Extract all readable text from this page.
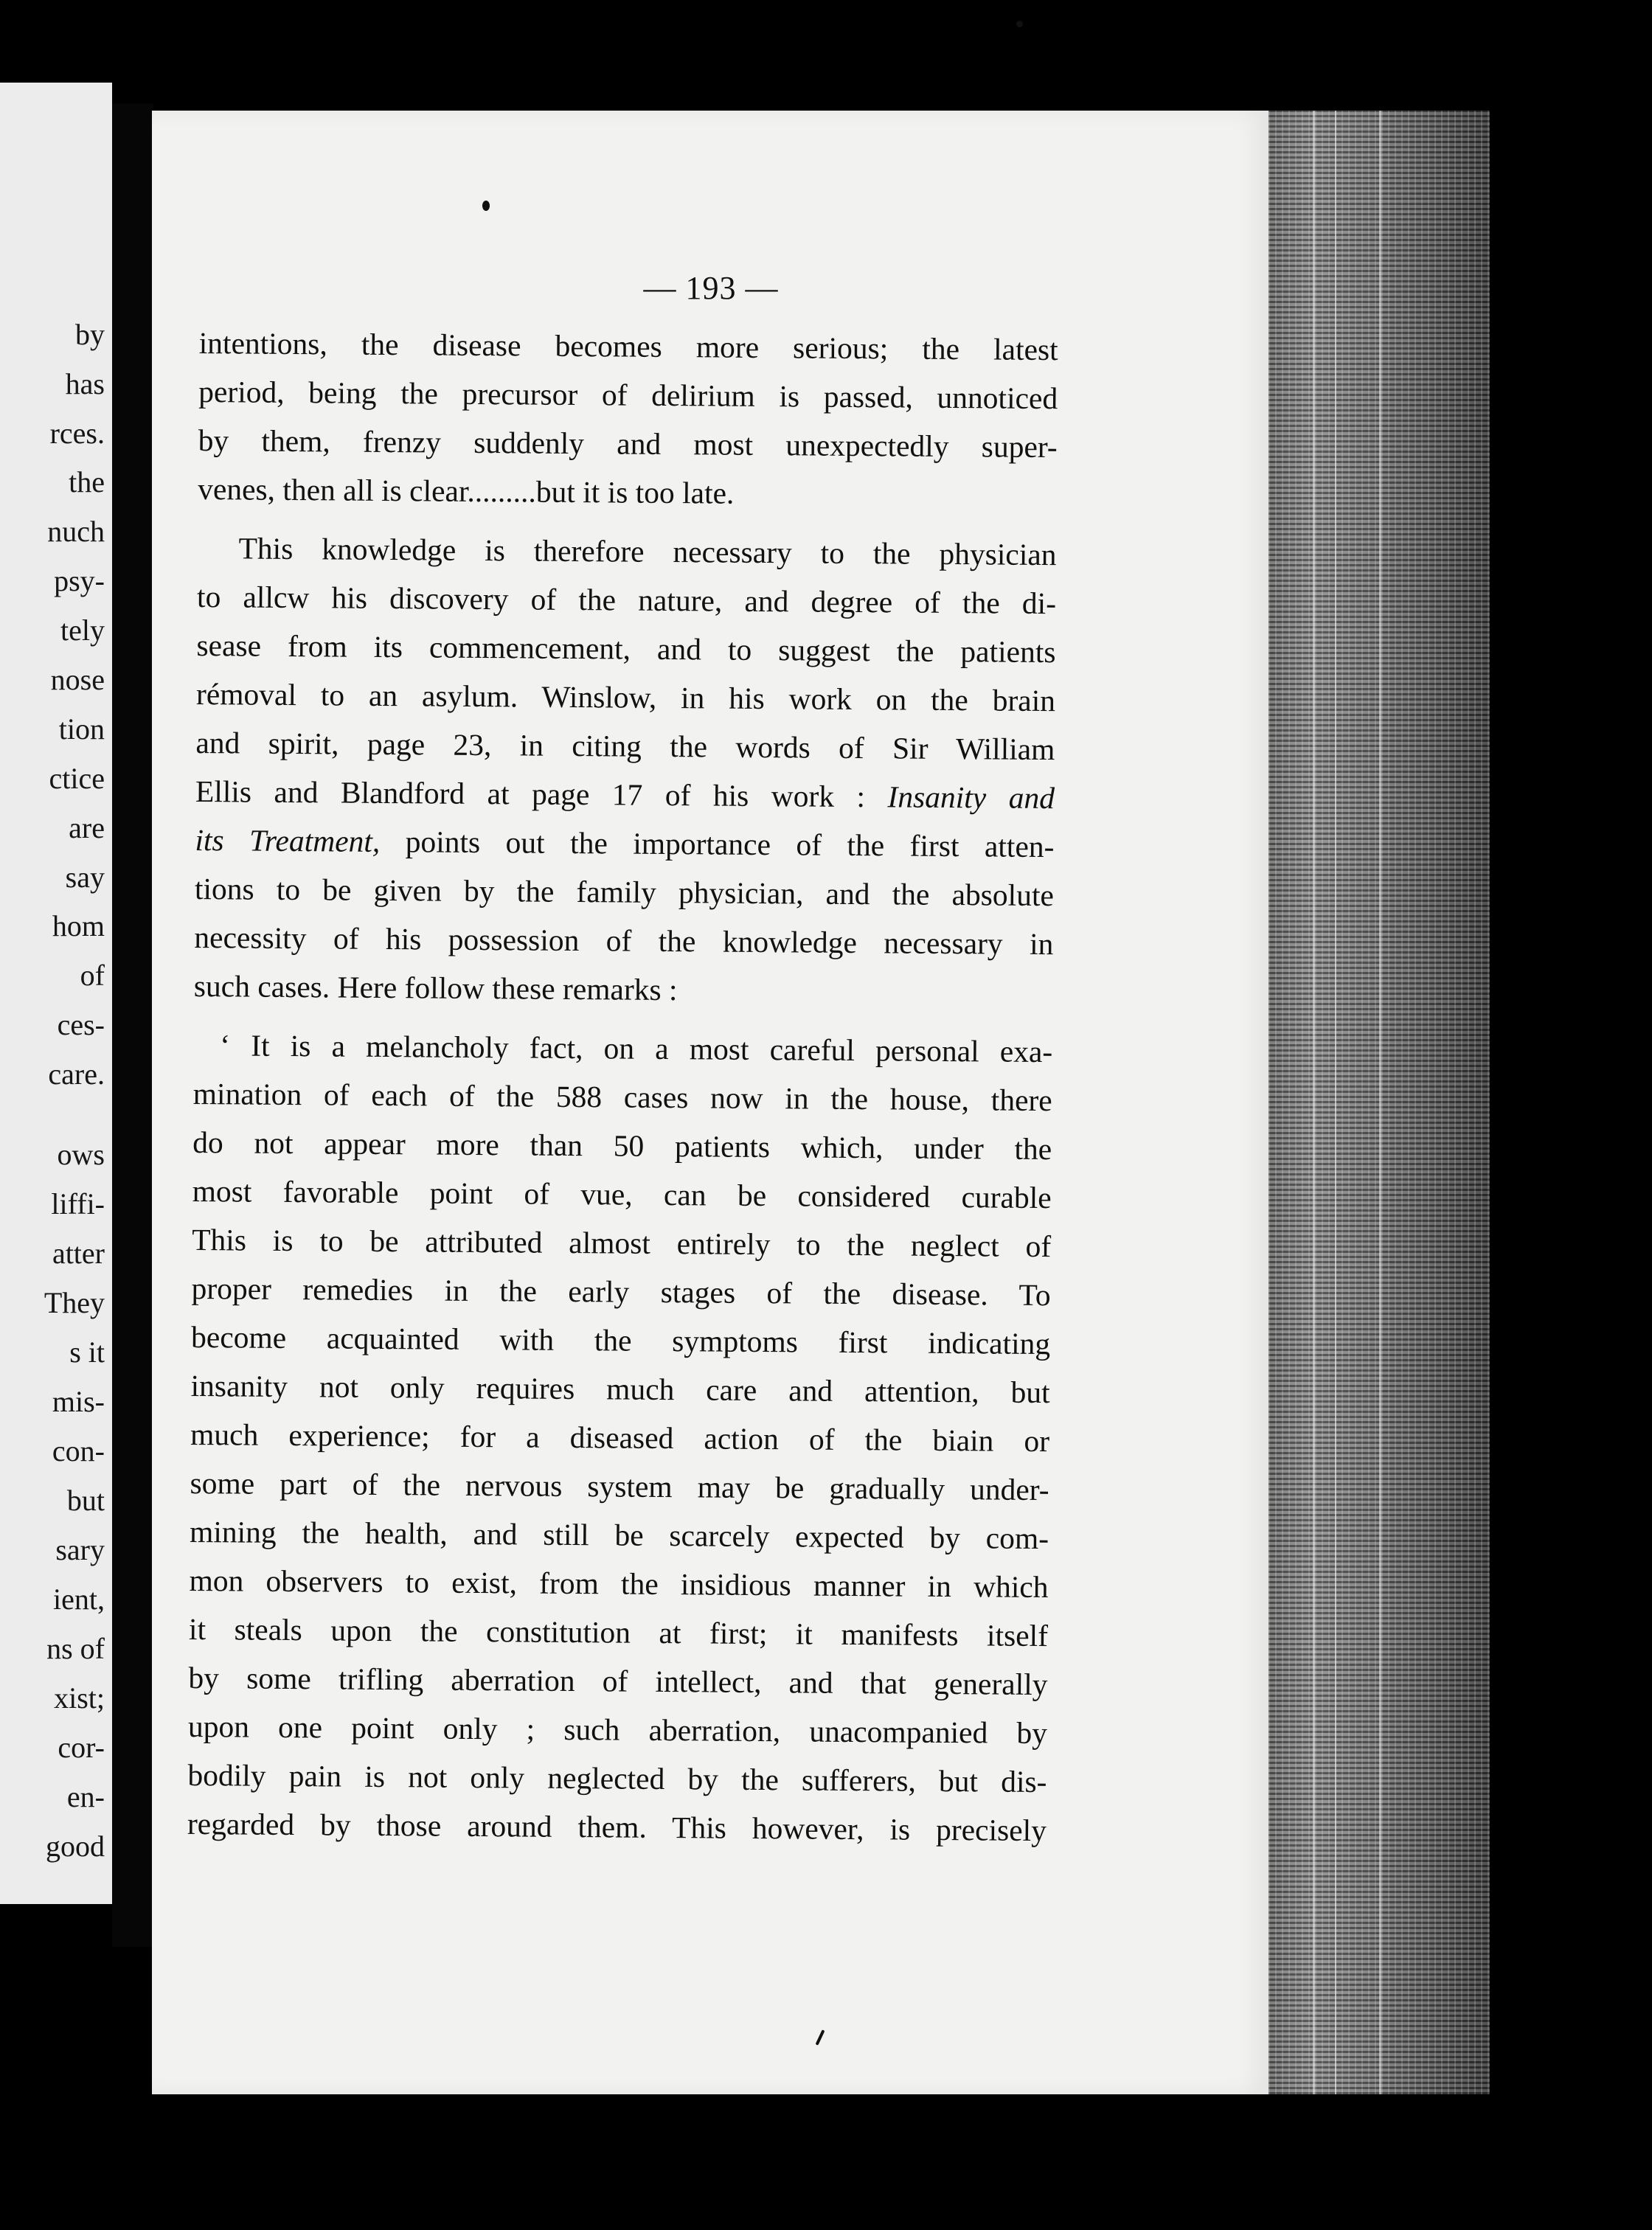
by
has
rces.
the
nuch
psy-
tely
nose
tion
ctice
are
say
hom
of
ces-
care.
ows
liffi-
atter
They
s it
mis-
con-
but
sary
ient,
ns of
xist;
cor-
en-
good
— 193 —

intentions, the disease becomes more serious; the latest
period, being the precursor of delirium is passed, unnoticed
by them, frenzy suddenly and most unexpectedly super-
venes, then all is clear.........but it is too late.

This knowledge is therefore necessary to the physician
to allcw his discovery of the nature, and degree of the di-
sease from its commencement, and to suggest the patients
rémoval to an asylum. Winslow, in his work on the brain
and spirit, page 23, in citing the words of Sir William
Ellis and Blandford at page 17 of his work : Insanity and
its Treatment, points out the importance of the first atten-
tions to be given by the family physician, and the absolute
necessity of his possession of the knowledge necessary in
such cases. Here follow these remarks :

‘ It is a melancholy fact, on a most careful personal exa-
mination of each of the 588 cases now in the house, there
do not appear more than 50 patients which, under the
most favorable point of vue, can be considered curable
This is to be attributed almost entirely to the neglect of
proper remedies in the early stages of the disease. To
become acquainted with the symptoms first indicating
insanity not only requires much care and attention, but
much experience; for a diseased action of the biain or
some part of the nervous system may be gradually under-
mining the health, and still be scarcely expected by com-
mon observers to exist, from the insidious manner in which
it steals upon the constitution at first; it manifests itself
by some trifling aberration of intellect, and that generally
upon one point only ; such aberration, unacompanied by
bodily pain is not only neglected by the sufferers, but dis-
regarded by those around them. This however, is precisely
